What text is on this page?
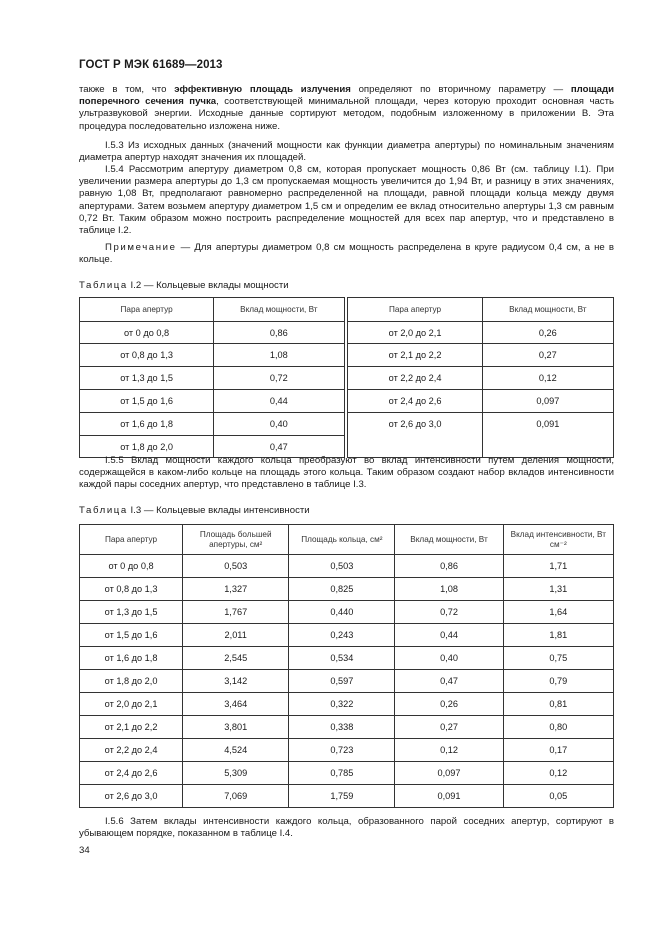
ГОСТ Р МЭК 61689—2013
также в том, что эффективную площадь излучения определяют по вторичному параметру — площади поперечного сечения пучка, соответствующей минимальной площади, через которую проходит основная часть ультразвуковой энергии. Исходные данные сортируют методом, подобным изложенному в приложении В. Эта процедура последовательно изложена ниже.
I.5.3 Из исходных данных (значений мощности как функции диаметра апертуры) по номинальным значениям диаметра апертур находят значения их площадей.
I.5.4 Рассмотрим апертуру диаметром 0,8 см, которая пропускает мощность 0,86 Вт (см. таблицу I.1). При увеличении размера апертуры до 1,3 см пропускаемая мощность увеличится до 1,94 Вт, и разницу в этих значениях, равную 1,08 Вт, предполагают равномерно распределенной на площади, равной площади кольца между двумя апертурами. Затем возьмем апертуру диаметром 1,5 см и определим ее вклад относительно апертуры 1,3 см равным 0,72 Вт. Таким образом можно построить распределение мощностей для всех пар апертур, что и представлено в таблице I.2.
Примечание — Для апертуры диаметром 0,8 см мощность распределена в круге радиусом 0,4 см, а не в кольце.
Таблица I.2 — Кольцевые вклады мощности
Пара апертур	Вклад мощности, Вт		Пара апертур	Вклад мощности, Вт
от 0 до 0,8	0,86		от 2,0 до 2,1	0,26
от 0,8 до 1,3	1,08		от 2,1 до 2,2	0,27
от 1,3 до 1,5	0,72		от 2,2 до 2,4	0,12
от 1,5 до 1,6	0,44		от 2,4 до 2,6	0,097
от 1,6 до 1,8	0,40		от 2,6 до 3,0	0,091
от 1,8 до 2,0	0,47			
I.5.5 Вклад мощности каждого кольца преобразуют во вклад интенсивности путем деления мощности, содержащейся в каком-либо кольце на площадь этого кольца. Таким образом создают набор вкладов интенсивности каждой пары соседних апертур, что представлено в таблице I.3.
Таблица I.3 — Кольцевые вклады интенсивности
Пара апертур	Площадь большей апертуры, см²	Площадь кольца, см²	Вклад мощности, Вт	Вклад интенсивности, Вт см⁻²
от 0 до 0,8	0,503	0,503	0,86	1,71
от 0,8 до 1,3	1,327	0,825	1,08	1,31
от 1,3 до 1,5	1,767	0,440	0,72	1,64
от 1,5 до 1,6	2,011	0,243	0,44	1,81
от 1,6 до 1,8	2,545	0,534	0,40	0,75
от 1,8 до 2,0	3,142	0,597	0,47	0,79
от 2,0 до 2,1	3,464	0,322	0,26	0,81
от 2,1 до 2,2	3,801	0,338	0,27	0,80
от 2,2 до 2,4	4,524	0,723	0,12	0,17
от 2,4 до 2,6	5,309	0,785	0,097	0,12
от 2,6 до 3,0	7,069	1,759	0,091	0,05
I.5.6 Затем вклады интенсивности каждого кольца, образованного парой соседних апертур, сортируют в убывающем порядке, показанном в таблице I.4.
34
